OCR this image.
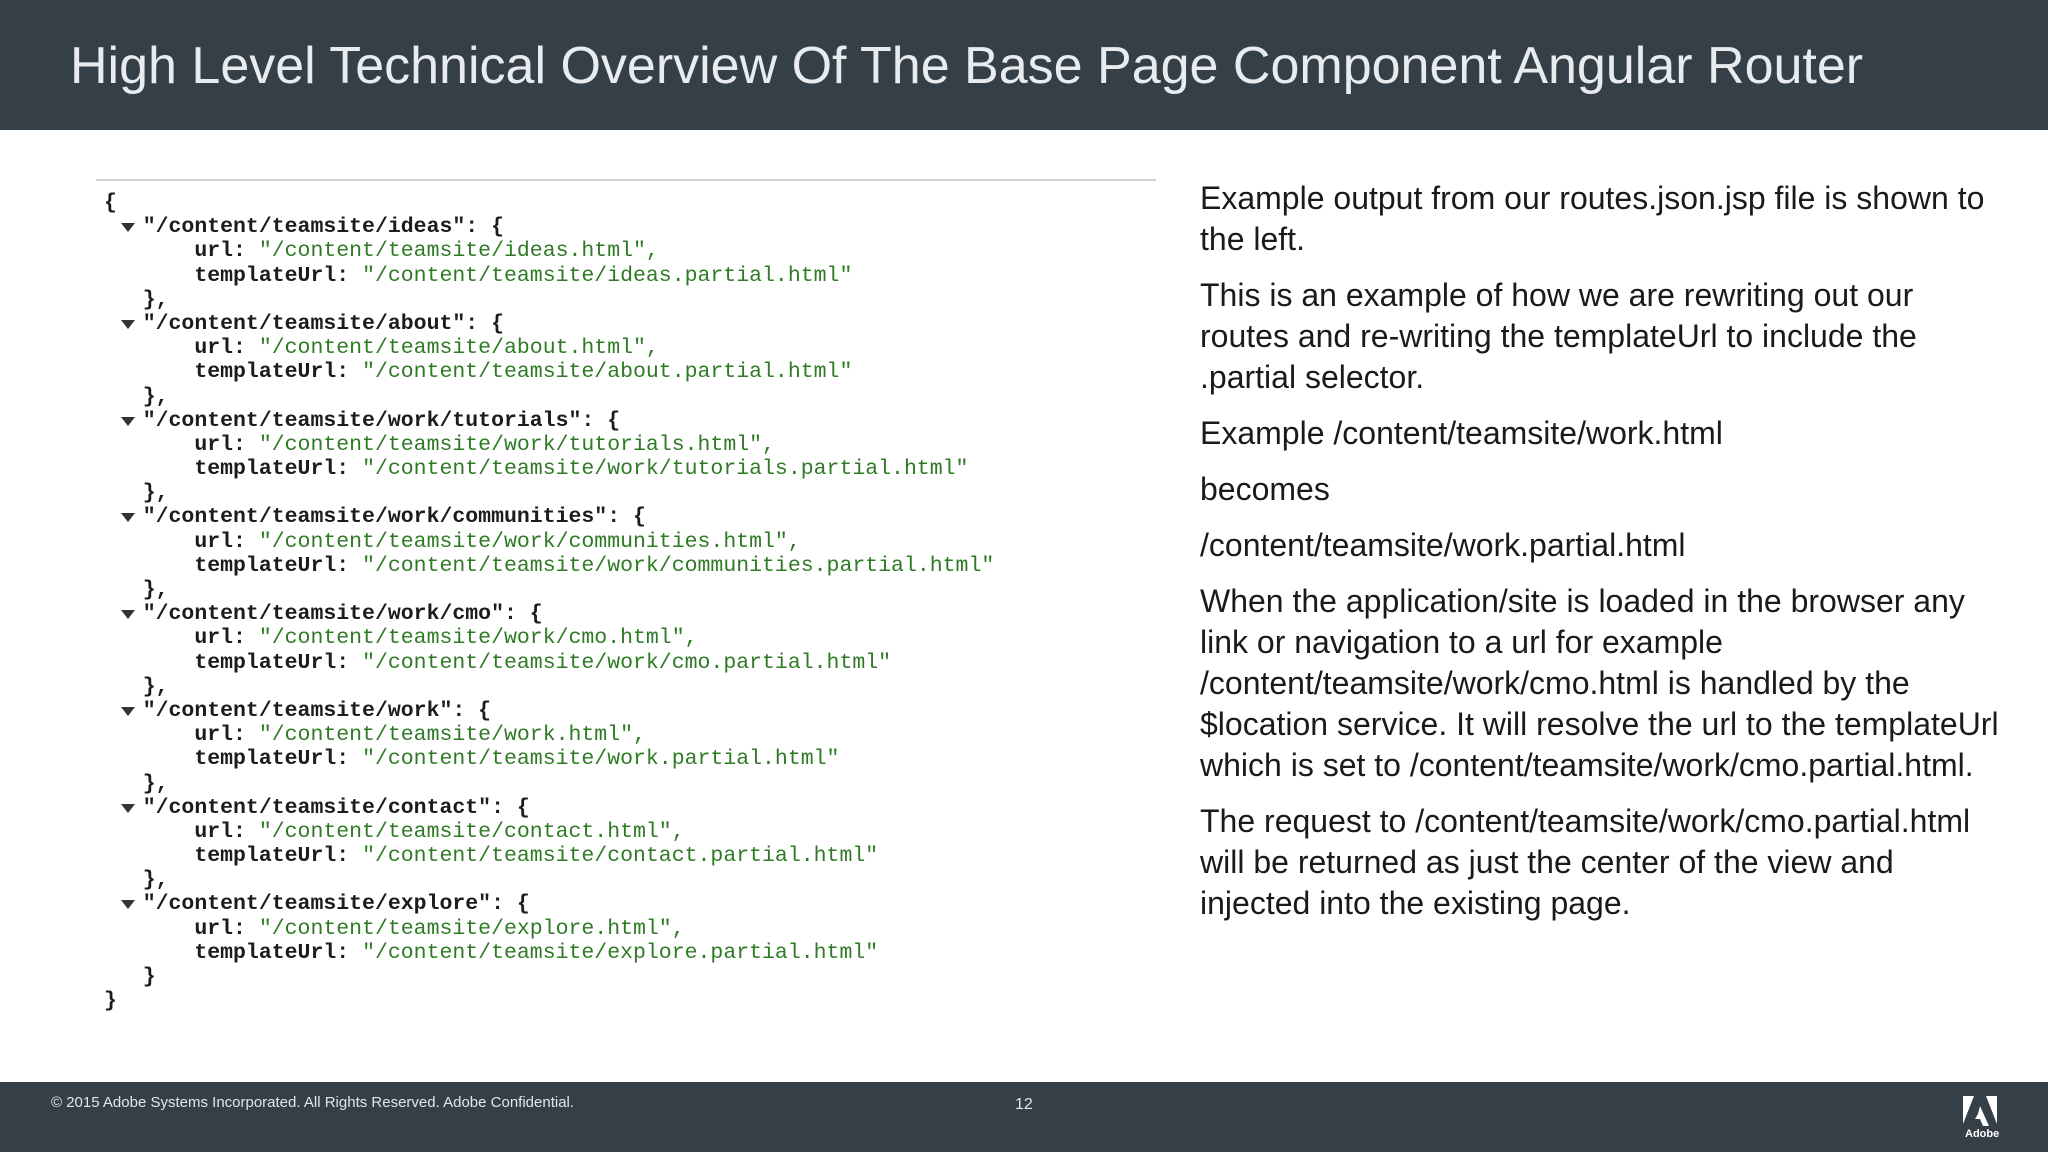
High Level Technical Overview Of The Base Page Component Angular Router
{
"/content/teamsite/ideas": {
url: "/content/teamsite/ideas.html",
templateUrl: "/content/teamsite/ideas.partial.html"
},
"/content/teamsite/about": {
url: "/content/teamsite/about.html",
templateUrl: "/content/teamsite/about.partial.html"
},
"/content/teamsite/work/tutorials": {
url: "/content/teamsite/work/tutorials.html",
templateUrl: "/content/teamsite/work/tutorials.partial.html"
},
"/content/teamsite/work/communities": {
url: "/content/teamsite/work/communities.html",
templateUrl: "/content/teamsite/work/communities.partial.html"
},
"/content/teamsite/work/cmo": {
url: "/content/teamsite/work/cmo.html",
templateUrl: "/content/teamsite/work/cmo.partial.html"
},
"/content/teamsite/work": {
url: "/content/teamsite/work.html",
templateUrl: "/content/teamsite/work.partial.html"
},
"/content/teamsite/contact": {
url: "/content/teamsite/contact.html",
templateUrl: "/content/teamsite/contact.partial.html"
},
"/content/teamsite/explore": {
url: "/content/teamsite/explore.html",
templateUrl: "/content/teamsite/explore.partial.html"
}
}

Example output from our routes.json.jsp file is shown to the left.

This is an example of how we are rewriting out our routes and re-writing the templateUrl to include the .partial selector.

Example /content/teamsite/work.html

becomes

/content/teamsite/work.partial.html

When the application/site is loaded in the browser any link or navigation to a url for example /content/teamsite/work/cmo.html is handled by the $location service. It will resolve the url to the templateUrl which is set to /content/teamsite/work/cmo.partial.html.

The request to /content/teamsite/work/cmo.partial.html will be returned as just the center of the view and injected into the existing page.

© 2015 Adobe Systems Incorporated. All Rights Reserved. Adobe Confidential.	12
Adobe
